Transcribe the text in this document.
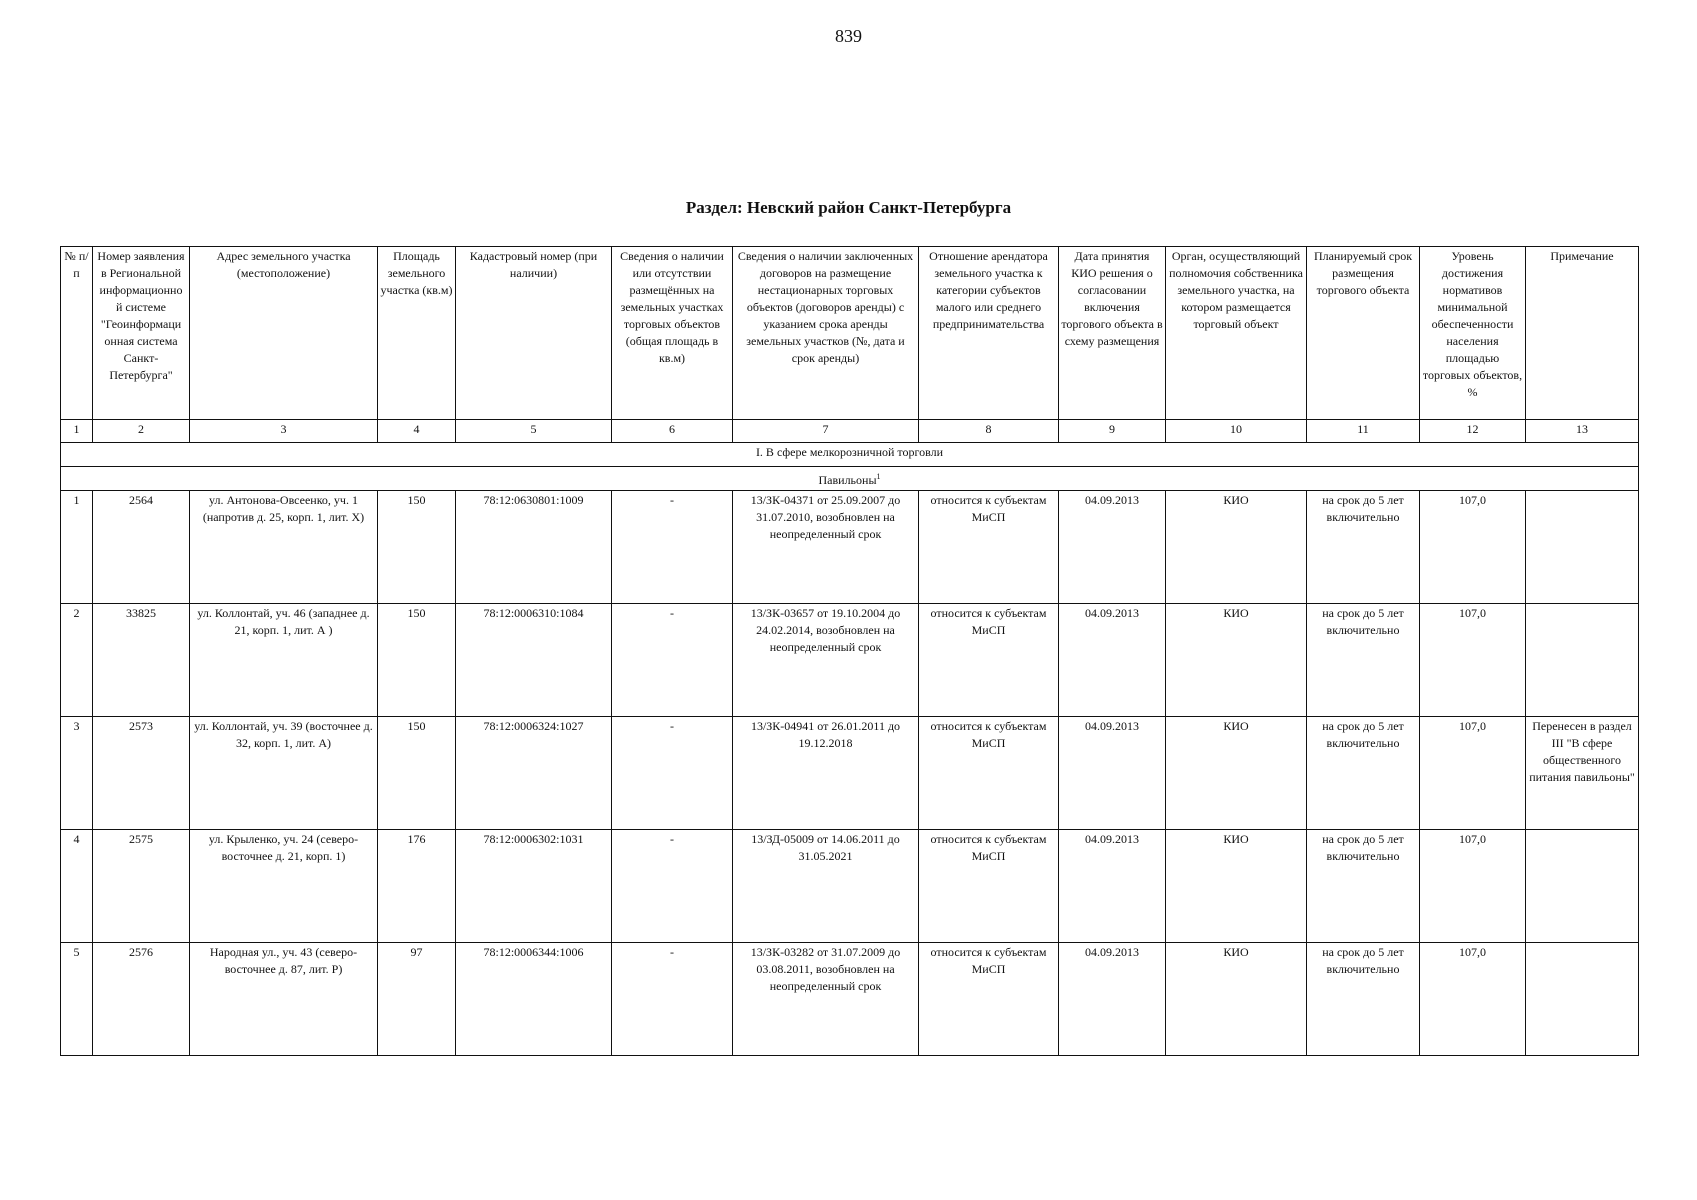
839
Раздел: Невский район Санкт-Петербурга
№ п/п	Номер заявления в Региональной информационно й системе "Геоинформаци онная система Санкт-Петербурга"	Адрес земельного участка (местоположение)	Площадь земельного участка (кв.м)	Кадастровый номер (при наличии)	Сведения о наличии или отсутствии размещённых на земельных участках торговых объектов (общая площадь в кв.м)	Сведения о наличии заключенных договоров на размещение нестационарных торговых объектов (договоров аренды) с указанием срока аренды земельных участков (№, дата и срок аренды)	Отношение арендатора земельного участка к категории субъектов малого или среднего предпринимательства	Дата принятия КИО решения о согласовании включения торгового объекта в схему размещения	Орган, осуществляющий полномочия собственника земельного участка, на котором размещается торговый объект	Планируемый срок размещения торгового объекта	Уровень достижения нормативов минимальной обеспеченности населения площадью торговых объектов, %	Примечание
1	2	3	4	5	6	7	8	9	10	11	12	13
I. В сфере мелкорозничной торговли												
Павильоны$^1$
1	2564	ул. Антонова-Овсеенко, уч. 1 (напротив д. 25, корп. 1, лит. Х)	150	78:12:0630801:1009	-	13/ЗК-04371 от 25.09.2007 до 31.07.2010, возобновлен на неопределенный срок	относится к субъектам МиСП	04.09.2013	КИО	на срок до 5 лет включительно	107,0	
2	33825	ул. Коллонтай, уч. 46 (западнее д. 21, корп. 1, лит. А )	150	78:12:0006310:1084	-	13/ЗК-03657 от 19.10.2004 до 24.02.2014, возобновлен на неопределенный срок	относится к субъектам МиСП	04.09.2013	КИО	на срок до 5 лет включительно	107,0	
3	2573	ул. Коллонтай, уч. 39 (восточнее д. 32, корп. 1, лит. А)	150	78:12:0006324:1027	-	13/ЗК-04941 от 26.01.2011 до 19.12.2018	относится к субъектам МиСП	04.09.2013	КИО	на срок до 5 лет включительно	107,0	Перенесен в раздел III "В сфере общественного питания павильоны"
4	2575	ул. Крыленко, уч. 24 (северо-восточнее д. 21, корп. 1)	176	78:12:0006302:1031	-	13/ЗД-05009 от 14.06.2011 до 31.05.2021	относится к субъектам МиСП	04.09.2013	КИО	на срок до 5 лет включительно	107,0	
5	2576	Народная ул., уч. 43 (северо-восточнее д. 87, лит. Р)	97	78:12:0006344:1006	-	13/ЗК-03282 от 31.07.2009 до 03.08.2011, возобновлен на неопределенный срок	относится к субъектам МиСП	04.09.2013	КИО	на срок до 5 лет включительно	107,0	
